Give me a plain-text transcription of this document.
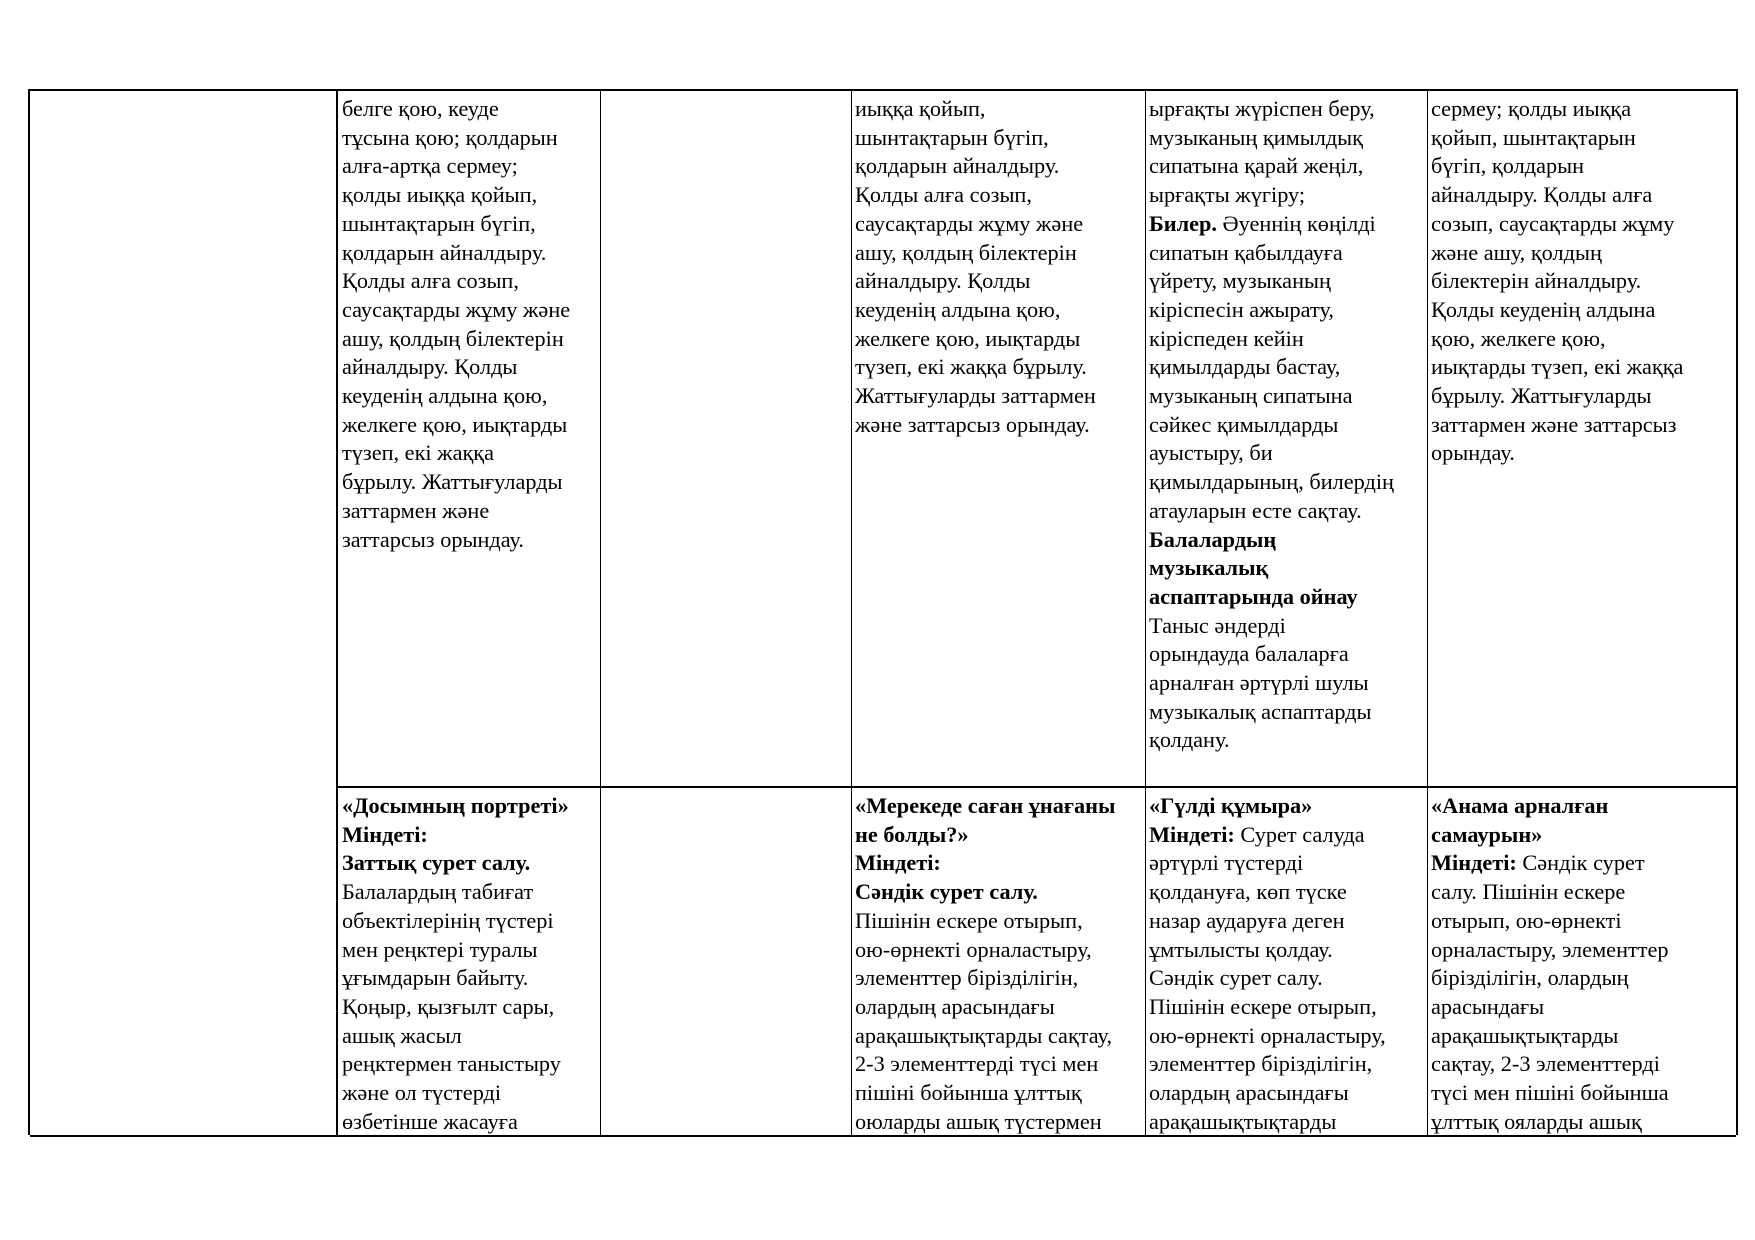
белге қою, кеуде
тұсына қою; қолдарын
алға-артқа сермеу;
қолды иыққа қойып,
шынтақтарын бүгіп,
қолдарын айналдыру.
Қолды алға созып,
саусақтарды жұму және
ашу, қолдың білектерін
айналдыру. Қолды
кеуденің алдына қою,
желкеге қою, иықтарды
түзеп, екі жаққа
бұрылу. Жаттығуларды
заттармен және
заттарсыз орындау.
иыққа қойып,
шынтақтарын бүгіп,
қолдарын айналдыру.
Қолды алға созып,
саусақтарды жұму және
ашу, қолдың білектерін
айналдыру. Қолды
кеуденің алдына қою,
желкеге қою, иықтарды
түзеп, екі жаққа бұрылу.
Жаттығуларды заттармен
және заттарсыз орындау.
ырғақты жүріспен беру,
музыканың қимылдық
сипатына қарай жеңіл,
ырғақты жүгіру;
Билер. Әуеннің көңілді
сипатын қабылдауға
үйрету, музыканың
кіріспесін ажырату,
кіріспеден кейін
қимылдарды бастау,
музыканың сипатына
сәйкес қимылдарды
ауыстыру, би
қимылдарының, билердің
атауларын есте сақтау.
Балалардың
музыкалық
аспаптарында ойнау
Таныс әндерді
орындауда балаларға
арналған әртүрлі шулы
музыкалық аспаптарды
қолдану.
сермеу; қолды иыққа
қойып, шынтақтарын
бүгіп, қолдарын
айналдыру. Қолды алға
созып, саусақтарды жұму
және ашу, қолдың
білектерін айналдыру.
Қолды кеуденің алдына
қою, желкеге қою,
иықтарды түзеп, екі жаққа
бұрылу. Жаттығуларды
заттармен және заттарсыз
орындау.
«Досымның портреті»
Міндеті:
Заттық сурет салу.
Балалардың табиғат
объектілерінің түстері
мен реңктері туралы
ұғымдарын байыту.
Қоңыр, қызғылт сары,
ашық жасыл
реңктермен таныстыру
және ол түстерді
өзбетінше жасауға
«Мерекеде саған ұнағаны
не болды?»
Міндеті:
Сәндік сурет салу.
Пішінін ескере отырып,
ою-өрнекті орналастыру,
элементтер бірізділігін,
олардың арасындағы
арақашықтықтарды сақтау,
2-3 элементтерді түсі мен
пішіні бойынша ұлттық
оюларды ашық түстермен
«Гүлді құмыра»
Міндеті: Сурет салуда
әртүрлі түстерді
қолдануға, көп түске
назар аударуға деген
ұмтылысты қолдау.
Сәндік сурет салу.
Пішінін ескере отырып,
ою-өрнекті орналастыру,
элементтер бірізділігін,
олардың арасындағы
арақашықтықтарды
«Анама арналған
самаурын»
Міндеті: Сәндік сурет
салу. Пішінін ескере
отырып, ою-өрнекті
орналастыру, элементтер
бірізділігін, олардың
арасындағы
арақашықтықтарды
сақтау, 2-3 элементтерді
түсі мен пішіні бойынша
ұлттық ояларды ашық
